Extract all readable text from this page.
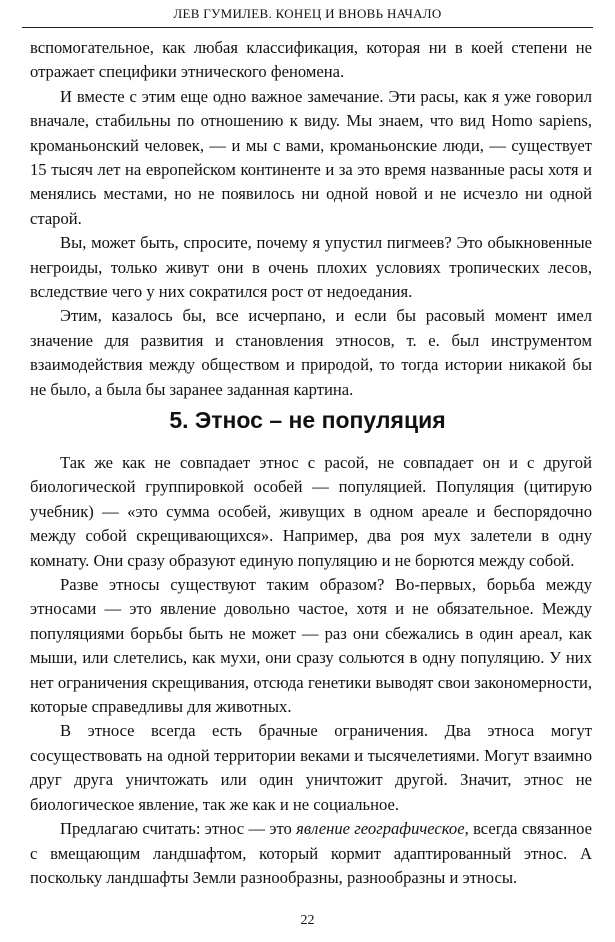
ЛЕВ ГУМИЛЕВ. КОНЕЦ И ВНОВЬ НАЧАЛО

вспомогательное, как любая классификация, которая ни в коей степени не отражает специфики этнического феномена.

И вместе с этим еще одно важное замечание. Эти расы, как я уже говорил вначале, стабильны по отношению к виду. Мы знаем, что вид Homo sapiens, кроманьонский человек, — и мы с вами, кроманьонские люди, — существует 15 тысяч лет на европейском континенте и за это время названные расы хотя и менялись местами, но не появилось ни одной новой и не исчезло ни одной старой.

Вы, может быть, спросите, почему я упустил пигмеев? Это обыкновенные негроиды, только живут они в очень плохих условиях тропических лесов, вследствие чего у них сократился рост от недоедания.

Этим, казалось бы, все исчерпано, и если бы расовый момент имел значение для развития и становления этносов, т. е. был инструментом взаимодействия между обществом и природой, то тогда истории никакой бы не было, а была бы заранее заданная картина.

5. Этнос – не популяция

Так же как не совпадает этнос с расой, не совпадает он и с другой биологической группировкой особей — популяцией. Популяция (цитирую учебник) — «это сумма особей, живущих в одном ареале и беспорядочно между собой скрещивающихся». Например, два роя мух залетели в одну комнату. Они сразу образуют единую популяцию и не борются между собой.

Разве этносы существуют таким образом? Во-первых, борьба между этносами — это явление довольно частое, хотя и не обязательное. Между популяциями борьбы быть не может — раз они сбежались в один ареал, как мыши, или слетелись, как мухи, они сразу сольются в одну популяцию. У них нет ограничения скрещивания, отсюда генетики выводят свои закономерности, которые справедливы для животных.

В этносе всегда есть брачные ограничения. Два этноса могут сосуществовать на одной территории веками и тысячелетиями. Могут взаимно друг друга уничтожать или один уничтожит другой. Значит, этнос не биологическое явление, так же как и не социальное.

Предлагаю считать: этнос — это явление географическое, всегда связанное с вмещающим ландшафтом, который кормит адаптированный этнос. А поскольку ландшафты Земли разнообразны, разнообразны и этносы.

22
